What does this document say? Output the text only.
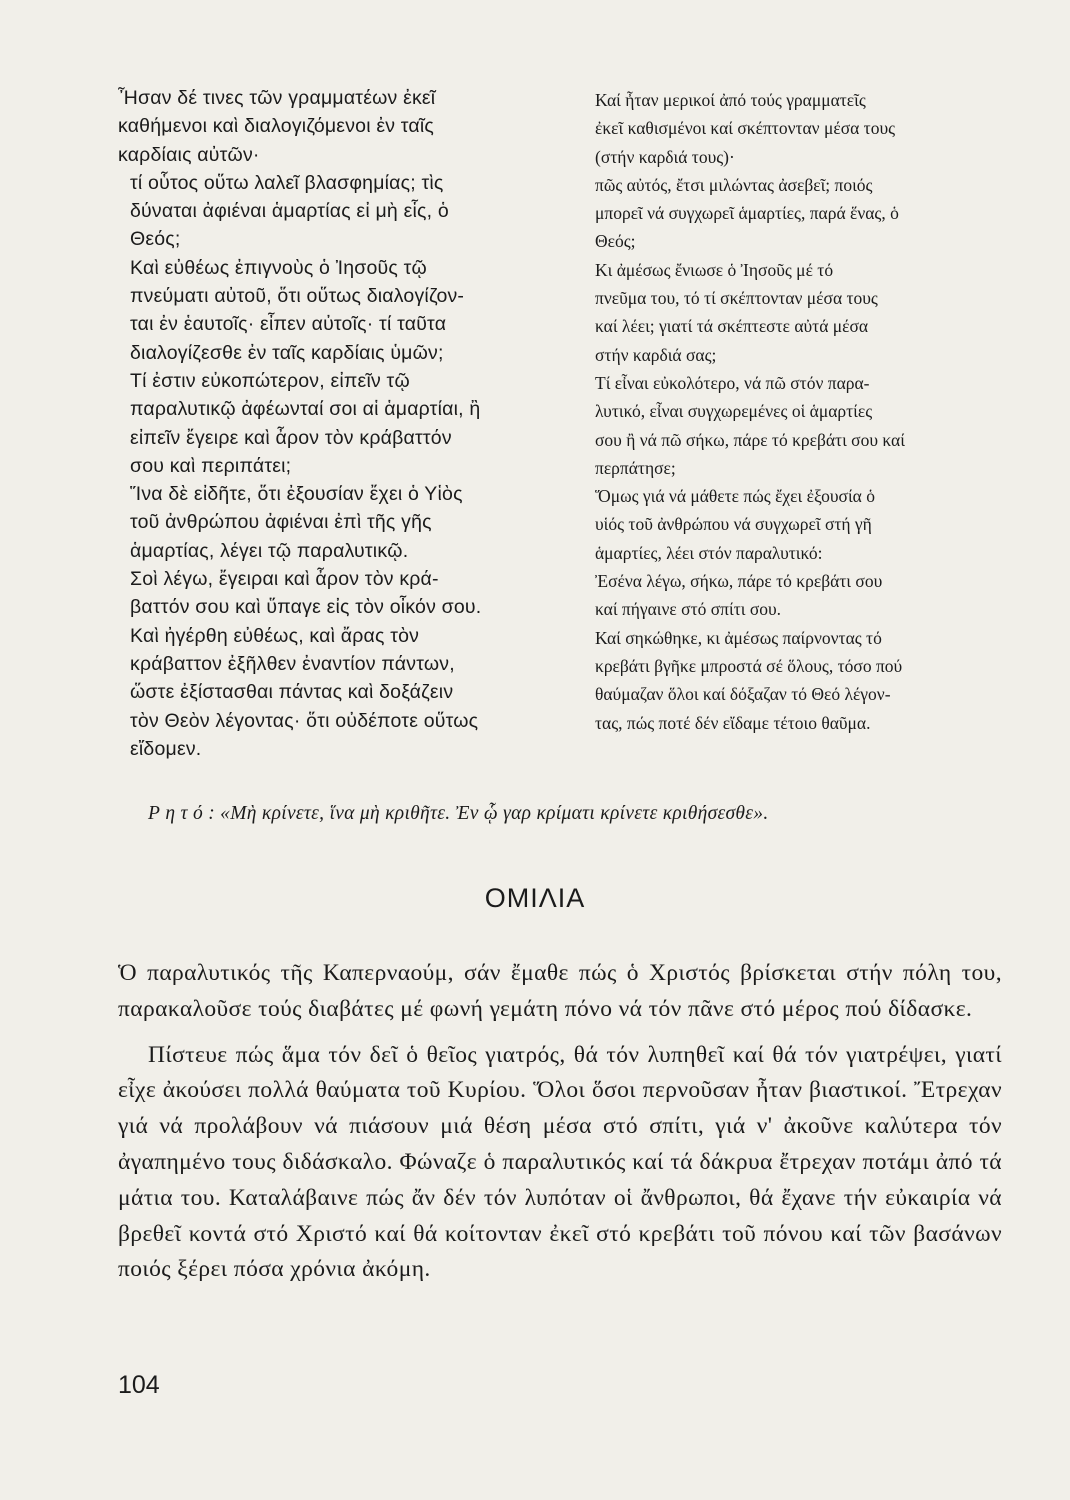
Ἦσαν δέ τινες τῶν γραμματέων ἐκεῖ
καθήμενοι καὶ διαλογιζόμενοι ἐν ταῖς
καρδίαις αὐτῶν·

τί οὗτος οὕτω λαλεῖ βλασφημίας; τὶς
δύναται ἀφιέναι ἁμαρτίας εἰ μὴ εἷς, ὁ
Θεός;

Καὶ εὐθέως ἐπιγνοὺς ὁ Ἰησοῦς τῷ
πνεύματι αὐτοῦ, ὅτι οὕτως διαλογίζον-
ται ἐν ἑαυτοῖς· εἶπεν αὐτοῖς· τί ταῦτα
διαλογίζεσθε ἐν ταῖς καρδίαις ὑμῶν;

Τί ἐστιν εὐκοπώτερον, εἰπεῖν τῷ
παραλυτικῷ ἀφέωνταί σοι αἱ ἁμαρτίαι, ἢ
εἰπεῖν ἔγειρε καὶ ἆρον τὸν κράβαττόν
σου καὶ περιπάτει;

Ἵνα δὲ εἰδῆτε, ὅτι ἐξουσίαν ἔχει ὁ Υἱὸς
τοῦ ἀνθρώπου ἀφιέναι ἐπὶ τῆς γῆς
ἁμαρτίας, λέγει τῷ παραλυτικῷ.

Σοὶ λέγω, ἔγειραι καὶ ἆρον τὸν κρά-
βαττόν σου καὶ ὕπαγε εἰς τὸν οἶκόν σου.

Καὶ ἠγέρθη εὐθέως, καὶ ἄρας τὸν
κράβαττον ἐξῆλθεν ἐναντίον πάντων,
ὥστε ἐξίστασθαι πάντας καὶ δοξάζειν
τὸν Θεὸν λέγοντας· ὅτι οὐδέποτε οὕτως
εἴδομεν.

Καί ἦταν μερικοί ἀπό τούς γραμματεῖς
ἐκεῖ καθισμένοι καί σκέπτονταν μέσα τους
(στήν καρδιά τους)·

πῶς αὐτός, ἔτσι μιλώντας ἀσεβεῖ; ποιός
μπορεῖ νά συγχωρεῖ ἁμαρτίες, παρά ἕνας, ὁ
Θεός;

Κι ἀμέσως ἔνιωσε ὁ Ἰησοῦς μέ τό
πνεῦμα του, τό τί σκέπτονταν μέσα τους
καί λέει; γιατί τά σκέπτεστε αὐτά μέσα
στήν καρδιά σας;

Τί εἶναι εὐκολότερο, νά πῶ στόν παρα-
λυτικό, εἶναι συγχωρεμένες οἱ ἁμαρτίες
σου ἢ νά πῶ σήκω, πάρε τό κρεβάτι σου καί
περπάτησε;

Ὅμως γιά νά μάθετε πώς ἔχει ἐξουσία ὁ
υἱός τοῦ ἀνθρώπου νά συγχωρεῖ στή γῆ
ἁμαρτίες, λέει στόν παραλυτικό:

Ἐσένα λέγω, σήκω, πάρε τό κρεβάτι σου
καί πήγαινε στό σπίτι σου.

Καί σηκώθηκε, κι ἀμέσως παίρνοντας τό
κρεβάτι βγῆκε μπροστά σέ ὅλους, τόσο πού
θαύμαζαν ὅλοι καί δόξαζαν τό Θεό λέγον-
τας, πώς ποτέ δέν εἴδαμε τέτοιο θαῦμα.

Ρ η τ ό : «Μὴ κρίνετε, ἵνα μὴ κριθῆτε. Ἐν ᾧ γαρ κρίματι κρίνετε κριθήσεσθε».
ΟΜΙΛΙΑ

Ὁ παραλυτικός τῆς Καπερναούμ, σάν ἔμαθε πώς ὁ Χριστός βρίσκεται στήν πόλη του, παρακαλοῦσε τούς διαβάτες μέ φωνή γεμάτη πόνο νά τόν πᾶνε στό μέρος πού δίδασκε.

Πίστευε πώς ἅμα τόν δεῖ ὁ θεῖος γιατρός, θά τόν λυπηθεῖ καί θά τόν γιατρέψει, γιατί εἶχε ἀκούσει πολλά θαύματα τοῦ Κυρίου. Ὅλοι ὅσοι περνοῦσαν ἦταν βιαστικοί. Ἔτρεχαν γιά νά προλάβουν νά πιάσουν μιά θέση μέσα στό σπίτι, γιά ν' ἀκοῦνε καλύτερα τόν ἀγαπημένο τους διδάσκαλο. Φώναζε ὁ παραλυτικός καί τά δάκρυα ἔτρεχαν ποτάμι ἀπό τά μάτια του. Καταλάβαινε πώς ἄν δέν τόν λυπόταν οἱ ἄνθρωποι, θά ἔχανε τήν εὐκαιρία νά βρεθεῖ κοντά στό Χριστό καί θά κοίτονταν ἐκεῖ στό κρεβάτι τοῦ πόνου καί τῶν βασάνων ποιός ξέρει πόσα χρόνια ἀκόμη.

104
